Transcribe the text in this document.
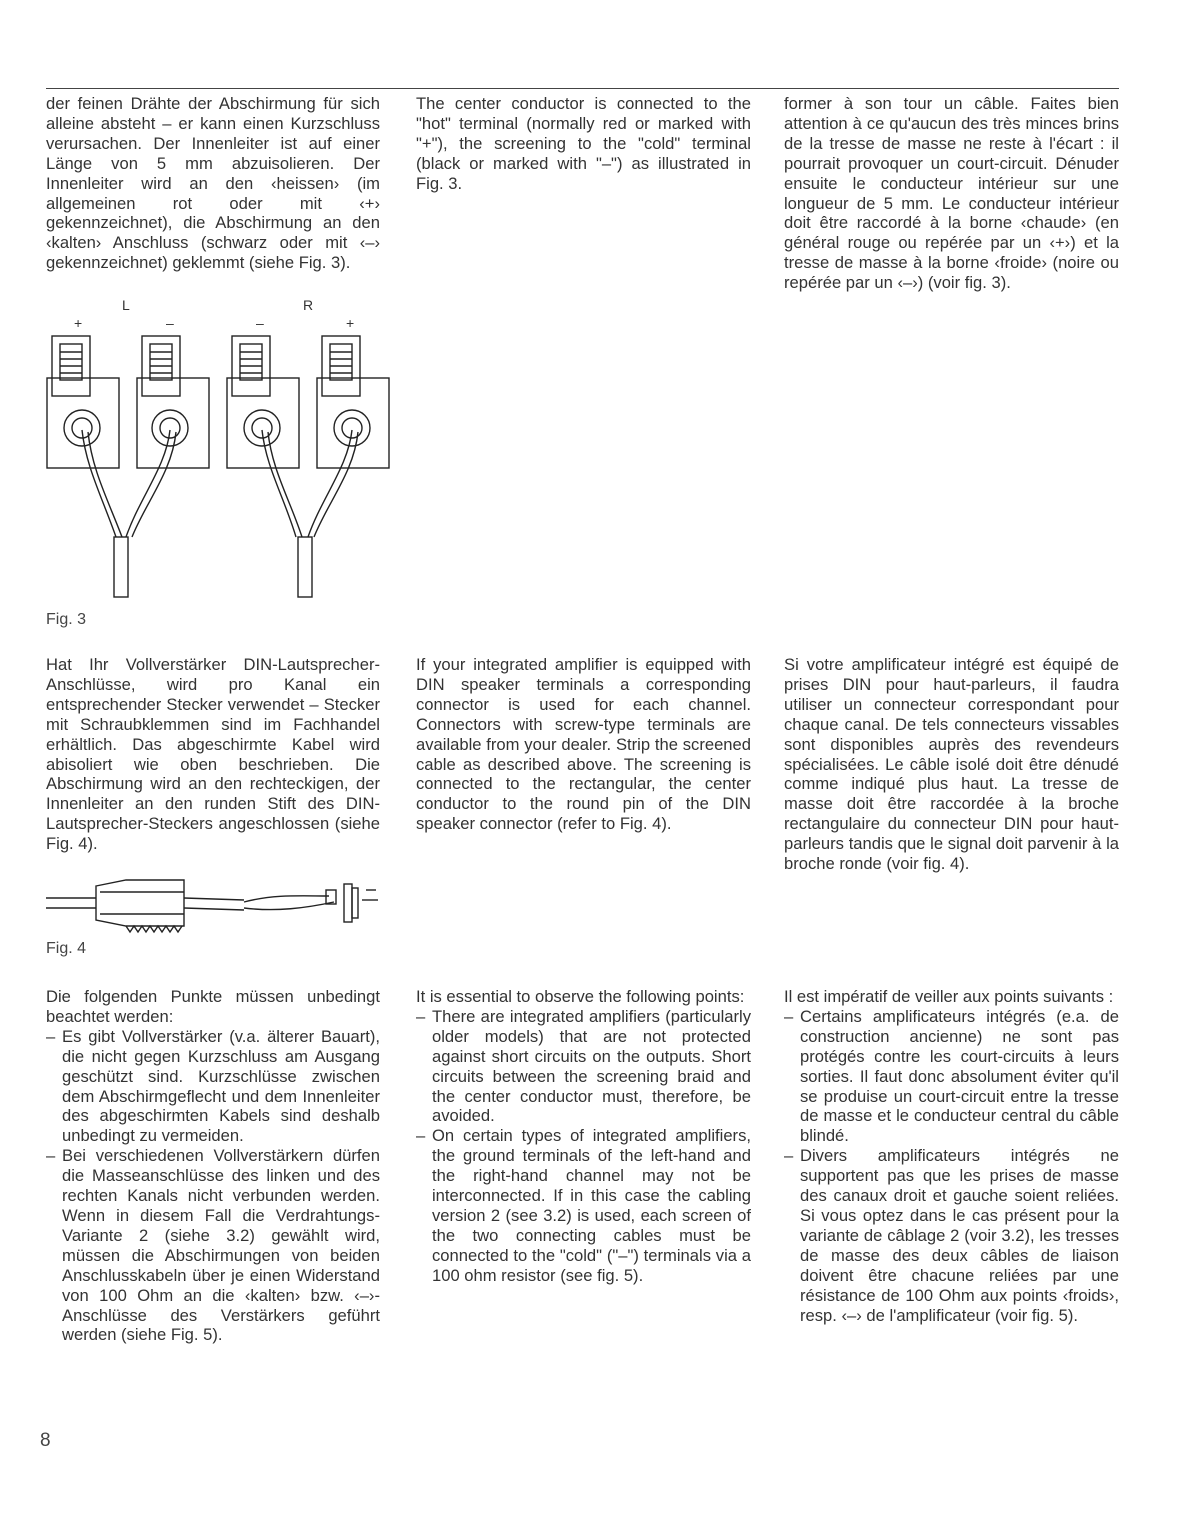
der feinen Drähte der Abschirmung für sich alleine absteht – er kann einen Kurzschluss verursachen. Der Innenleiter ist auf einer Länge von 5 mm abzuisolieren. Der Innenleiter wird an den ‹heissen› (im allgemeinen rot oder mit ‹+› gekennzeichnet), die Abschirmung an den ‹kalten› Anschluss (schwarz oder mit ‹–› gekennzeichnet) geklemmt (siehe Fig. 3).

The center conductor is connected to the "hot" terminal (normally red or marked with "+"), the screening to the "cold" terminal (black or marked with "–") as illustrated in Fig. 3.

former à son tour un câble. Faites bien attention à ce qu'aucun des très minces brins de la tresse de masse ne reste à l'écart : il pourrait provoquer un court-circuit. Dénuder ensuite le conducteur intérieur sur une longueur de 5 mm. Le conducteur intérieur doit être raccordé à la borne ‹chaude› (en général rouge ou repérée par un ‹+›) et la tresse de masse à la borne ‹froide› (noire ou repérée par un ‹–›) (voir fig. 3).

L	R
+	–	–	+
Fig. 3

Hat Ihr Vollverstärker DIN-Lautsprecher-Anschlüsse, wird pro Kanal ein entsprechender Stecker verwendet – Stecker mit Schraubklemmen sind im Fachhandel erhältlich. Das abgeschirmte Kabel wird abisoliert wie oben beschrieben. Die Abschirmung wird an den rechteckigen, der Innenleiter an den runden Stift des DIN-Lautsprecher-Steckers angeschlossen (siehe Fig. 4).

If your integrated amplifier is equipped with DIN speaker terminals a corresponding connector is used for each channel. Connectors with screw-type terminals are available from your dealer. Strip the screened cable as described above. The screening is connected to the rectangular, the center conductor to the round pin of the DIN speaker connector (refer to Fig. 4).

Si votre amplificateur intégré est équipé de prises DIN pour haut-parleurs, il faudra utiliser un connecteur correspondant pour chaque canal. De tels connecteurs vissables sont disponibles auprès des revendeurs spécialisées. Le câble isolé doit être dénudé comme indiqué plus haut. La tresse de masse doit être raccordée à la broche rectangulaire du connecteur DIN pour haut-parleurs tandis que le signal doit parvenir à la broche ronde (voir fig. 4).

Fig. 4

Die folgenden Punkte müssen unbedingt beachtet werden:

– Es gibt Vollverstärker (v.a. älterer Bauart), die nicht gegen Kurzschluss am Ausgang geschützt sind. Kurzschlüsse zwischen dem Abschirmgeflecht und dem Innenleiter des abgeschirmten Kabels sind deshalb unbedingt zu vermeiden.
– Bei verschiedenen Vollverstärkern dürfen die Masseanschlüsse des linken und des rechten Kanals nicht verbunden werden. Wenn in diesem Fall die Verdrahtungs-Variante 2 (siehe 3.2) gewählt wird, müssen die Abschirmungen von beiden Anschlusskabeln über je einen Widerstand von 100 Ohm an die ‹kalten› bzw. ‹–›-Anschlüsse des Verstärkers geführt werden (siehe Fig. 5).

It is essential to observe the following points:

– There are integrated amplifiers (particularly older models) that are not protected against short circuits on the outputs. Short circuits between the screening braid and the center conductor must, therefore, be avoided.
– On certain types of integrated amplifiers, the ground terminals of the left-hand and the right-hand channel may not be interconnected. If in this case the cabling version 2 (see 3.2) is used, each screen of the two connecting cables must be connected to the "cold" ("–") terminals via a 100 ohm resistor (see fig. 5).

Il est impératif de veiller aux points suivants :

– Certains amplificateurs intégrés (e.a. de construction ancienne) ne sont pas protégés contre les court-circuits à leurs sorties. Il faut donc absolument éviter qu'il se produise un court-circuit entre la tresse de masse et le conducteur central du câble blindé.
– Divers amplificateurs intégrés ne supportent pas que les prises de masse des canaux droit et gauche soient reliées. Si vous optez dans le cas présent pour la variante de câblage 2 (voir 3.2), les tresses de masse des deux câbles de liaison doivent être chacune reliées par une résistance de 100 Ohm aux points ‹froids›, resp. ‹–› de l'amplificateur (voir fig. 5).
8
